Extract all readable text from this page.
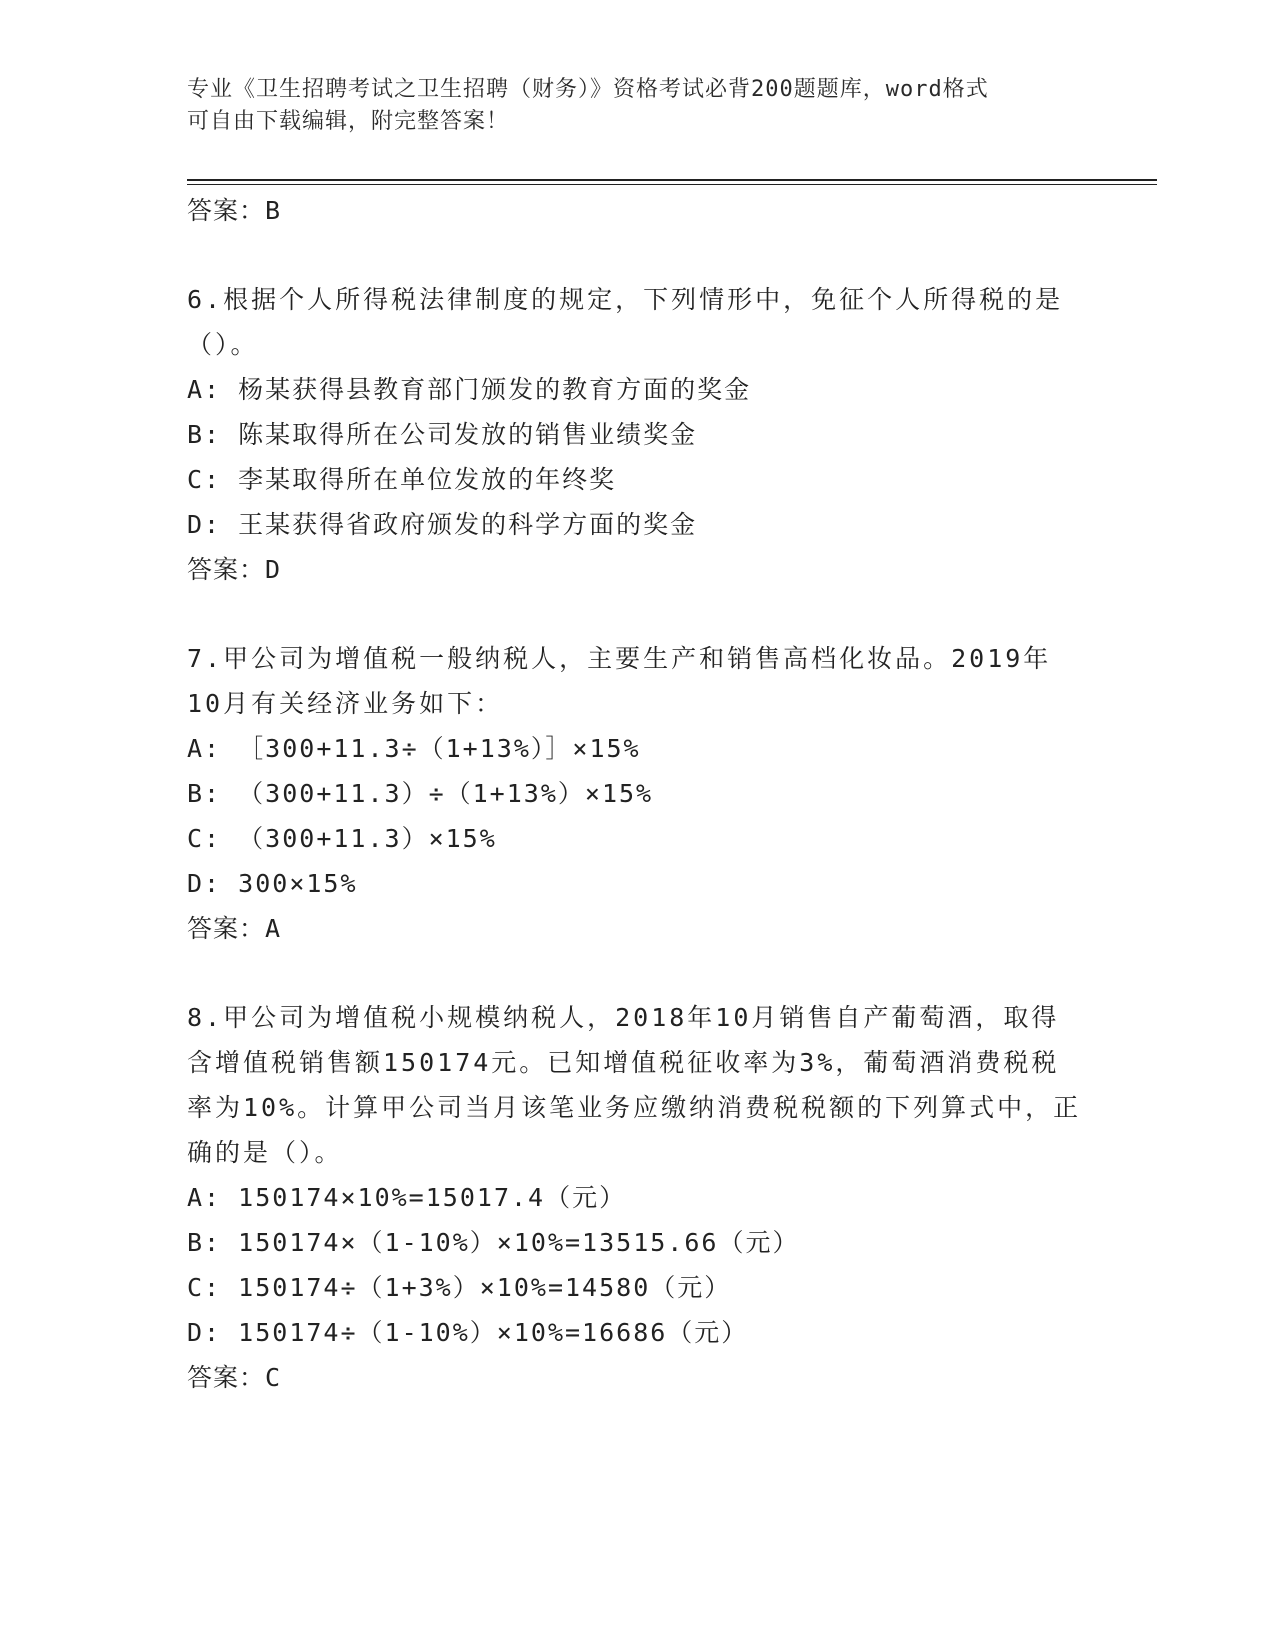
专业《卫生招聘考试之卫生招聘（财务）》资格考试必背200题题库，word格式
可自由下载编辑，附完整答案！
答案：B
6.根据个人所得税法律制度的规定，下列情形中，免征个人所得税的是（）。
A: 杨某获得县教育部门颁发的教育方面的奖金
B: 陈某取得所在公司发放的销售业绩奖金
C: 李某取得所在单位发放的年终奖
D: 王某获得省政府颁发的科学方面的奖金
答案：D
7.甲公司为增值税一般纳税人，主要生产和销售高档化妆品。2019年10月有关经济业务如下：
A: ［300+11.3÷（1+13%）］×15%
B: （300+11.3）÷（1+13%）×15%
C: （300+11.3）×15%
D: 300×15%
答案：A
8.甲公司为增值税小规模纳税人，2018年10月销售自产葡萄酒，取得含增值税销售额150174元。已知增值税征收率为3%，葡萄酒消费税税率为10%。计算甲公司当月该笔业务应缴纳消费税税额的下列算式中，正确的是（）。
A: 150174×10%=15017.4（元）
B: 150174×（1-10%）×10%=13515.66（元）
C: 150174÷（1+3%）×10%=14580（元）
D: 150174÷（1-10%）×10%=16686（元）
答案：C
